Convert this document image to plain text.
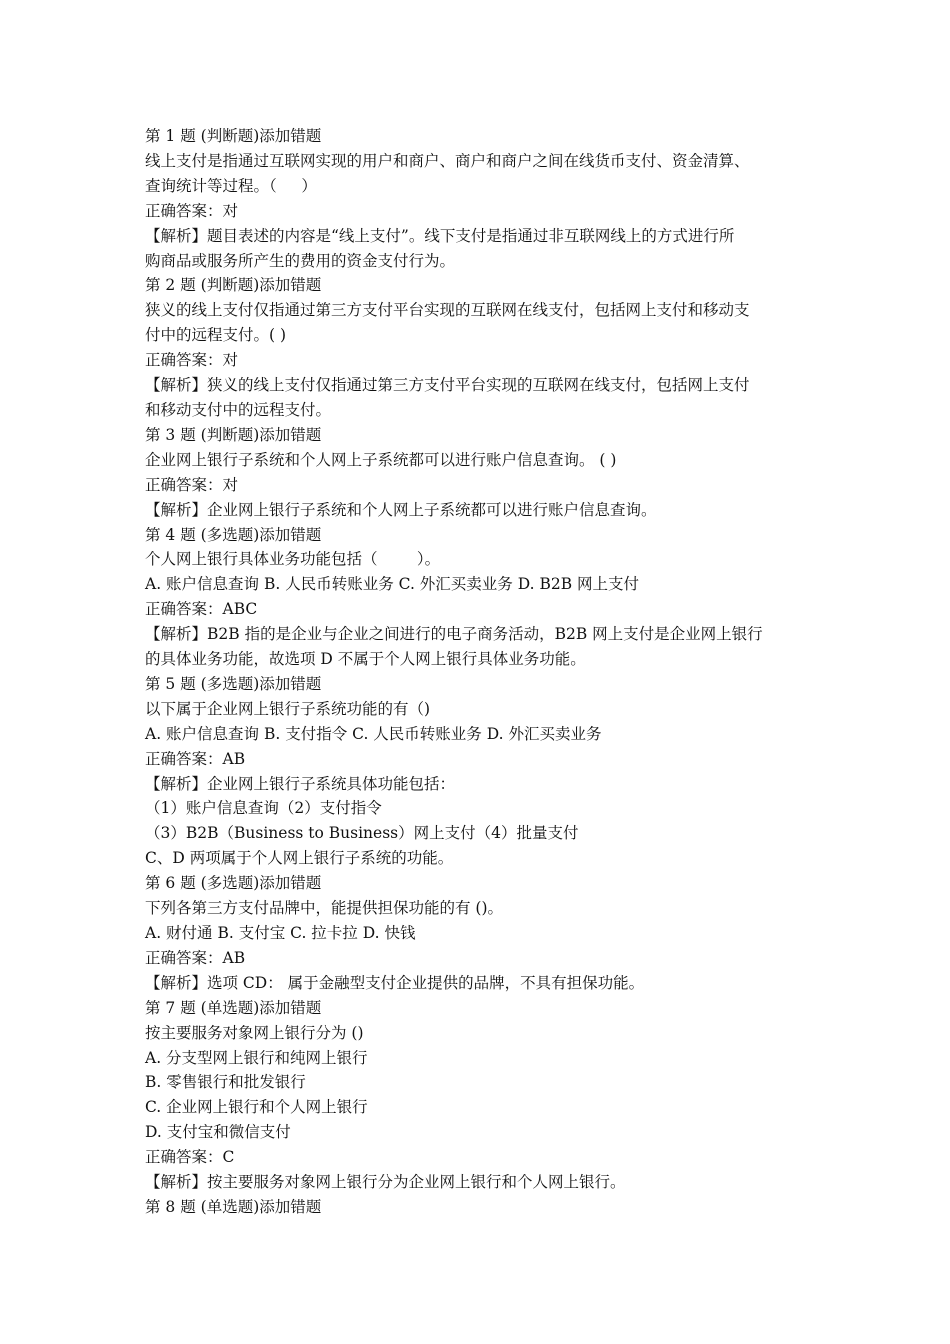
第 1 题 (判断题)添加错题
线上支付是指通过互联网实现的用户和商户、商户和商户之间在线货币支付、资金清算、
查询统计等过程。（     ）
正确答案：对
【解析】题目表述的内容是“线上支付”。线下支付是指通过非互联网线上的方式进行所
购商品或服务所产生的费用的资金支付行为。
第 2 题 (判断题)添加错题
狭义的线上支付仅指通过第三方支付平台实现的互联网在线支付，包括网上支付和移动支
付中的远程支付。( )
正确答案：对
【解析】狭义的线上支付仅指通过第三方支付平台实现的互联网在线支付，包括网上支付
和移动支付中的远程支付。
第 3 题 (判断题)添加错题
企业网上银行子系统和个人网上子系统都可以进行账户信息查询。 ( )
正确答案：对
【解析】企业网上银行子系统和个人网上子系统都可以进行账户信息查询。
第 4 题 (多选题)添加错题
个人网上银行具体业务功能包括（        ）。
A. 账户信息查询 B. 人民币转账业务 C. 外汇买卖业务 D. B2B 网上支付
正确答案：ABC
【解析】B2B 指的是企业与企业之间进行的电子商务活动，B2B 网上支付是企业网上银行
的具体业务功能，故选项 D 不属于个人网上银行具体业务功能。
第 5 题 (多选题)添加错题
以下属于企业网上银行子系统功能的有（)
A. 账户信息查询 B. 支付指令 C. 人民币转账业务 D. 外汇买卖业务
正确答案：AB
【解析】企业网上银行子系统具体功能包括：
（1）账户信息查询（2）支付指令
（3）B2B（Business to Business）网上支付（4）批量支付
C、D 两项属于个人网上银行子系统的功能。
第 6 题 (多选题)添加错题
下列各第三方支付品牌中，能提供担保功能的有 ()。
A. 财付通 B. 支付宝 C. 拉卡拉 D. 快钱
正确答案：AB
【解析】选项 CD： 属于金融型支付企业提供的品牌，不具有担保功能。
第 7 题 (单选题)添加错题
按主要服务对象网上银行分为 ()
A. 分支型网上银行和纯网上银行
B. 零售银行和批发银行
C. 企业网上银行和个人网上银行
D. 支付宝和微信支付
正确答案：C
【解析】按主要服务对象网上银行分为企业网上银行和个人网上银行。
第 8 题 (单选题)添加错题
